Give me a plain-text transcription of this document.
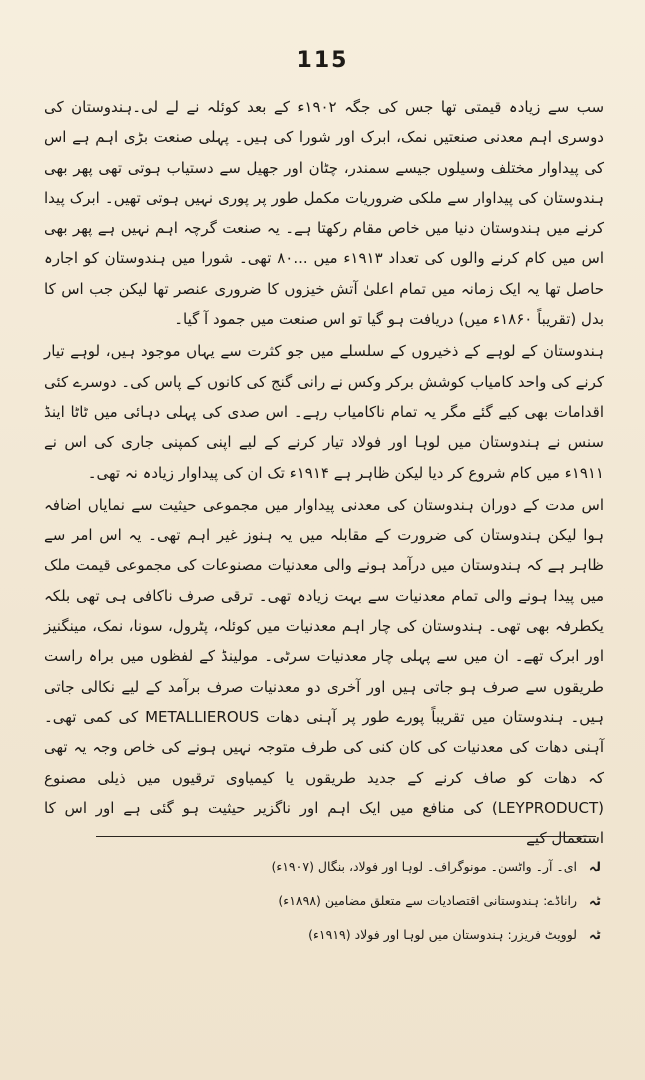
115

سب سے زیادہ قیمتی تھا جس کی جگہ ۱۹۰۲ء کے بعد کوئلہ نے لے لی۔ہندوستان کی دوسری اہم معدنی صنعتیں نمک، ابرک اور شورا کی ہیں۔ پہلی صنعت بڑی اہم ہے اس کی پیداوار مختلف وسیلوں جیسے سمندر، چٹان اور جھیل سے دستیاب ہوتی تھی پھر بھی ہندوستان کی پیداوار سے ملکی ضروریات مکمل طور پر پوری نہیں ہوتی تھیں۔ ابرک پیدا کرنے میں ہندوستان دنیا میں خاص مقام رکھتا ہے۔ یہ صنعت گرچہ اہم نہیں ہے پھر بھی اس میں کام کرنے والوں کی تعداد ۱۹۱۳ء میں ...۸۰ تھی۔ شورا میں ہندوستان کو اجارہ حاصل تھا یہ ایک زمانہ میں تمام اعلیٰ آتش خیزوں کا ضروری عنصر تھا لیکن جب اس کا بدل (تقریباً ۱۸۶۰ء میں) دریافت ہو گیا تو اس صنعت میں جمود آ گیا۔

ہندوستان کے لوہے کے ذخیروں کے سلسلے میں جو کثرت سے یہاں موجود ہیں، لوہے تیار کرنے کی واحد کامیاب کوشش برکر وکس نے رانی گنج کی کانوں کے پاس کی۔ دوسرے کئی اقدامات بھی کیے گئے مگر یہ تمام ناکامیاب رہے۔ اس صدی کی پہلی دہائی میں ٹاٹا اینڈ سنس نے ہندوستان میں لوہا اور فولاد تیار کرنے کے لیے اپنی کمپنی جاری کی اس نے ۱۹۱۱ء میں کام شروع کر دیا لیکن ظاہر ہے ۱۹۱۴ء تک ان کی پیداوار زیادہ نہ تھی۔

اس مدت کے دوران ہندوستان کی معدنی پیداوار میں مجموعی حیثیت سے نمایاں اضافہ ہوا لیکن ہندوستان کی ضرورت کے مقابلہ میں یہ ہنوز غیر اہم تھی۔ یہ اس امر سے ظاہر ہے کہ ہندوستان میں درآمد ہونے والی معدنیات مصنوعات کی مجموعی قیمت ملک میں پیدا ہونے والی تمام معدنیات سے بہت زیادہ تھی۔ ترقی صرف ناکافی ہی تھی بلکہ یکطرفہ بھی تھی۔ ہندوستان کی چار اہم معدنیات میں کوئلہ، پٹرول، سونا، نمک، مینگنیز اور ابرک تھے۔ ان میں سے پہلی چار معدنیات سرٹی۔ مولینڈ کے لفظوں میں براہ راست طریقوں سے صرف ہو جاتی ہیں اور آخری دو معدنیات صرف برآمد کے لیے نکالی جاتی ہیں۔ ہندوستان میں تقریباً پورے طور پر آہنی دھات METALLIEROUS کی کمی تھی۔ آہنی دھات کی معدنیات کی کان کنی کی طرف متوجہ نہیں ہونے کی خاص وجہ یہ تھی کہ دھات کو صاف کرنے کے جدید طریقوں یا کیمیاوی ترقیوں میں ذیلی مصنوع (LEYPRODUCT) کی منافع میں ایک اہم اور ناگزیر حیثیت ہو گئی ہے اور اس کا استعمال کیے

لہ ای۔ آر۔ واٹسن۔ مونوگراف۔ لوہا اور فولاد، بنگال (۱۹۰۷ء)

ٹہ راناڈے: ہندوستانی اقتصادیات سے متعلق مضامین (۱۸۹۸ء)

ٹہ لوویٹ فریزر: ہندوستان میں لوہا اور فولاد (۱۹۱۹ء)
